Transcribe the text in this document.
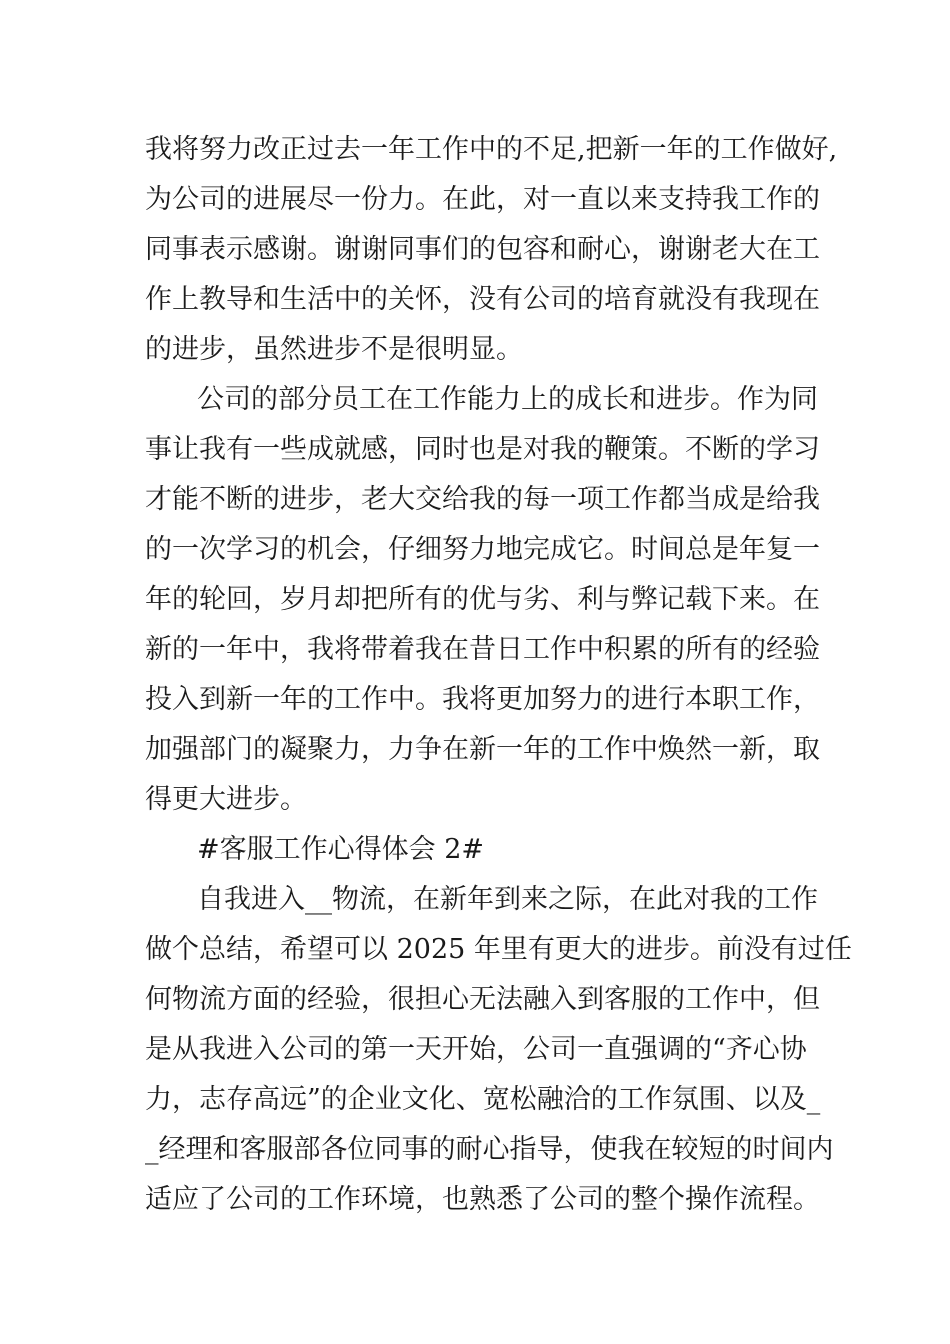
我将努力改正过去一年工作中的不足,把新一年的工作做好,
为公司的进展尽一份力。在此，对一直以来支持我工作的
同事表示感谢。谢谢同事们的包容和耐心，谢谢老大在工
作上教导和生活中的关怀，没有公司的培育就没有我现在
的进步，虽然进步不是很明显。
公司的部分员工在工作能力上的成长和进步。作为同
事让我有一些成就感，同时也是对我的鞭策。不断的学习
才能不断的进步，老大交给我的每一项工作都当成是给我
的一次学习的机会，仔细努力地完成它。时间总是年复一
年的轮回，岁月却把所有的优与劣、利与弊记载下来。在
新的一年中，我将带着我在昔日工作中积累的所有的经验
投入到新一年的工作中。我将更加努力的进行本职工作，
加强部门的凝聚力，力争在新一年的工作中焕然一新，取
得更大进步。
#客服工作心得体会 2#
自我进入__物流，在新年到来之际，在此对我的工作
做个总结，希望可以 2025 年里有更大的进步。前没有过任
何物流方面的经验，很担心无法融入到客服的工作中，但
是从我进入公司的第一天开始，公司一直强调的“齐心协
力，志存高远”的企业文化、宽松融洽的工作氛围、以及_
_经理和客服部各位同事的耐心指导，使我在较短的时间内
适应了公司的工作环境，也熟悉了公司的整个操作流程。
